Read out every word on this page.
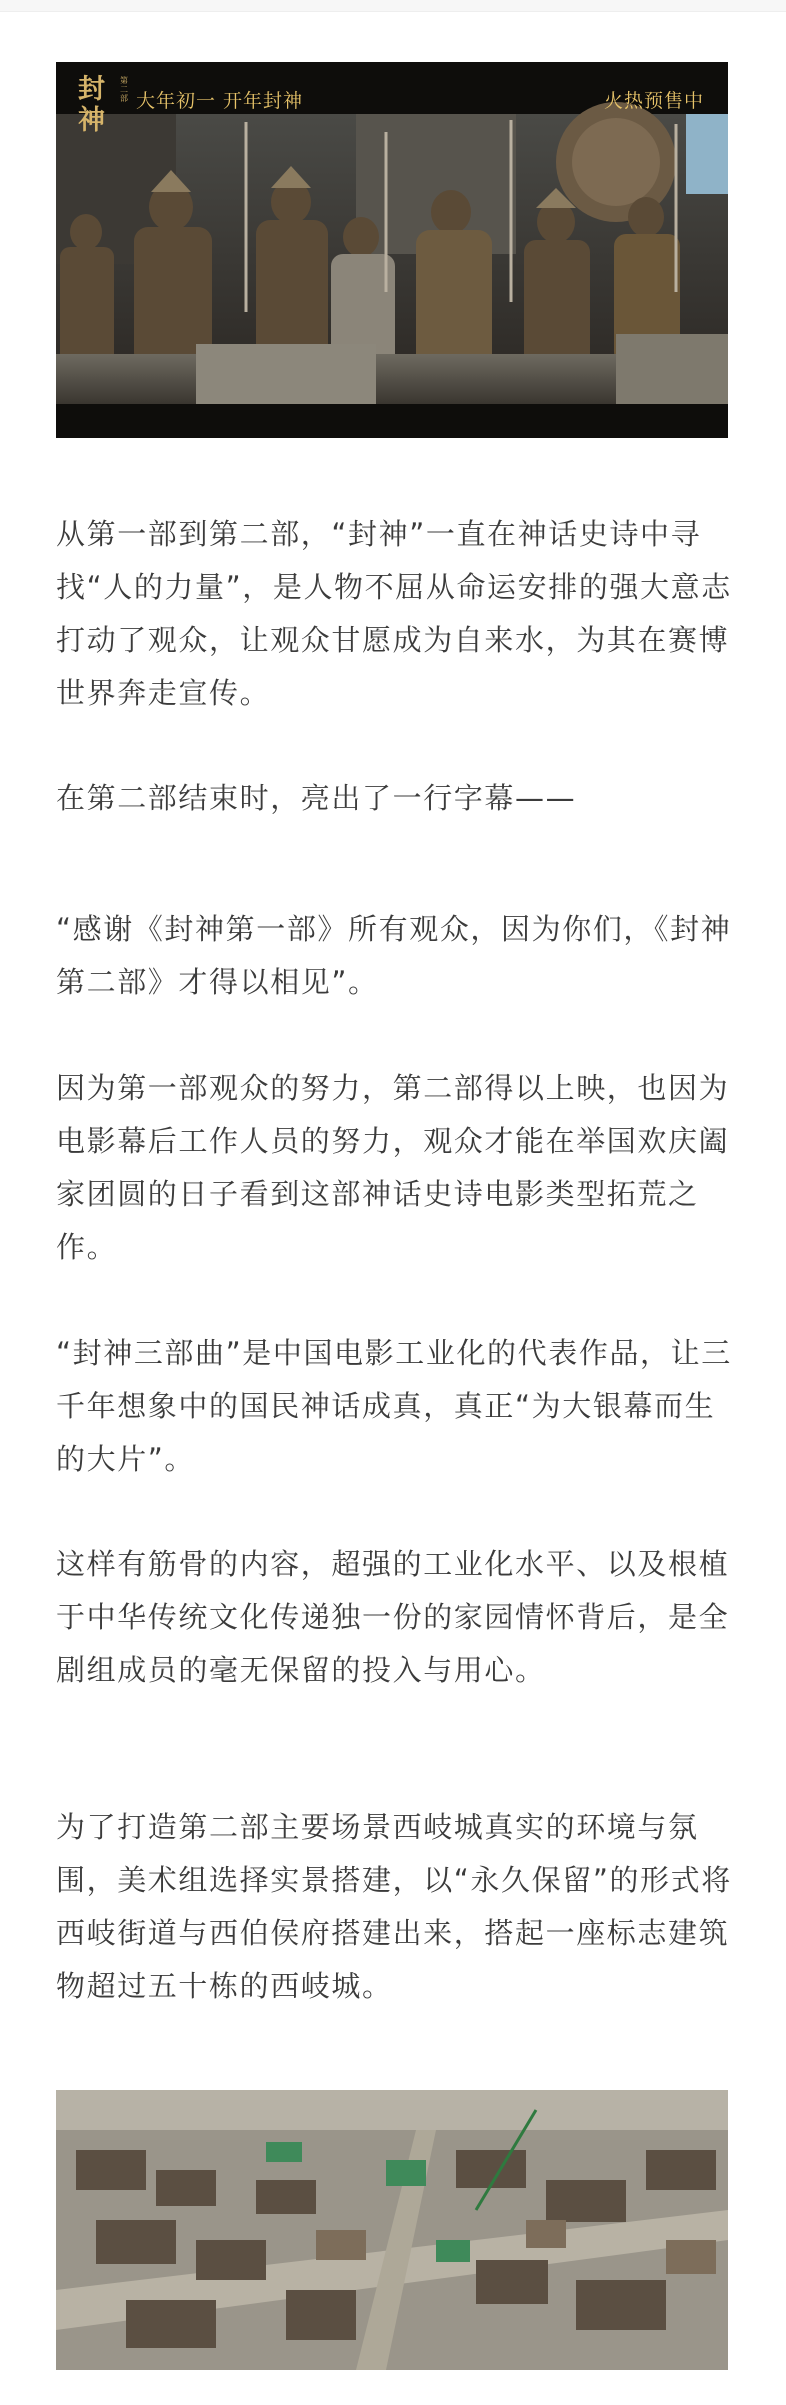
封神
第二部 大年初一 开年封神	火热预售中

从第一部到第二部，“封神”一直在神话史诗中寻找“人的力量”，是人物不屈从命运安排的强大意志打动了观众，让观众甘愿成为自来水，为其在赛博世界奔走宣传。

在第二部结束时，亮出了一行字幕——

“感谢《封神第一部》所有观众，因为你们，《封神第二部》才得以相见”。

因为第一部观众的努力，第二部得以上映，也因为电影幕后工作人员的努力，观众才能在举国欢庆阖家团圆的日子看到这部神话史诗电影类型拓荒之作。

“封神三部曲”是中国电影工业化的代表作品，让三千年想象中的国民神话成真，真正“为大银幕而生的大片”。

这样有筋骨的内容，超强的工业化水平、以及根植于中华传统文化传递独一份的家园情怀背后，是全剧组成员的毫无保留的投入与用心。

为了打造第二部主要场景西岐城真实的环境与氛围，美术组选择实景搭建，以“永久保留”的形式将西岐街道与西伯侯府搭建出来，搭起一座标志建筑物超过五十栋的西岐城。
